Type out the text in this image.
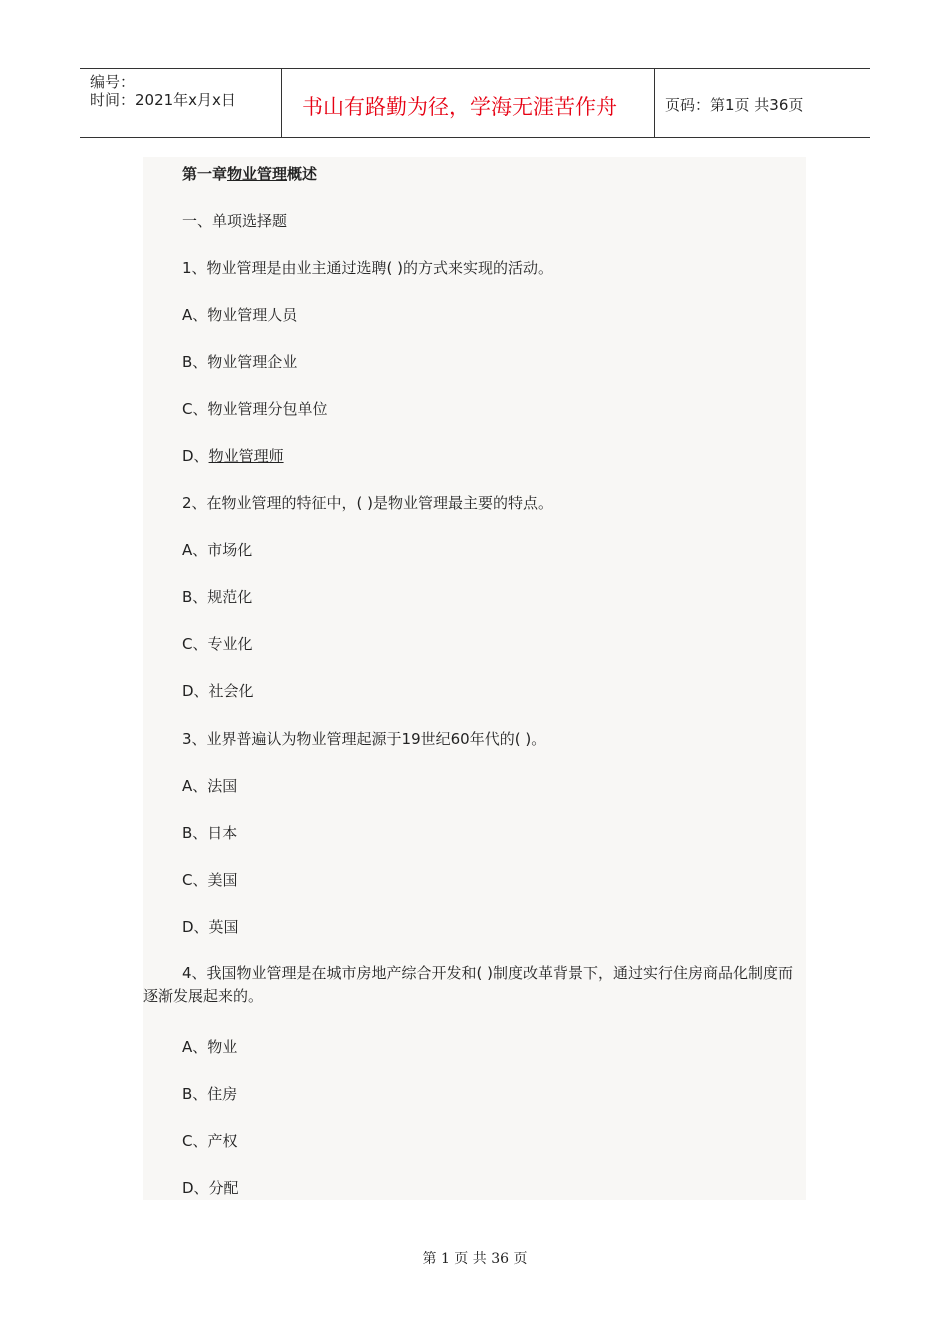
编号：
时间：2021年x月x日	书山有路勤为径，学海无涯苦作舟	页码：第1页 共36页
第一章物业管理概述
一、单项选择题
1、物业管理是由业主通过选聘( )的方式来实现的活动。
A、物业管理人员
B、物业管理企业
C、物业管理分包单位
D、物业管理师
2、在物业管理的特征中，( )是物业管理最主要的特点。
A、市场化
B、规范化
C、专业化
D、社会化
3、业界普遍认为物业管理起源于19世纪60年代的( )。
A、法国
B、日本
C、美国
D、英国
4、我国物业管理是在城市房地产综合开发和( )制度改革背景下，通过实行住房商品化制度而逐渐发展起来的。
A、物业
B、住房
C、产权
D、分配
第 1 页 共 36 页
